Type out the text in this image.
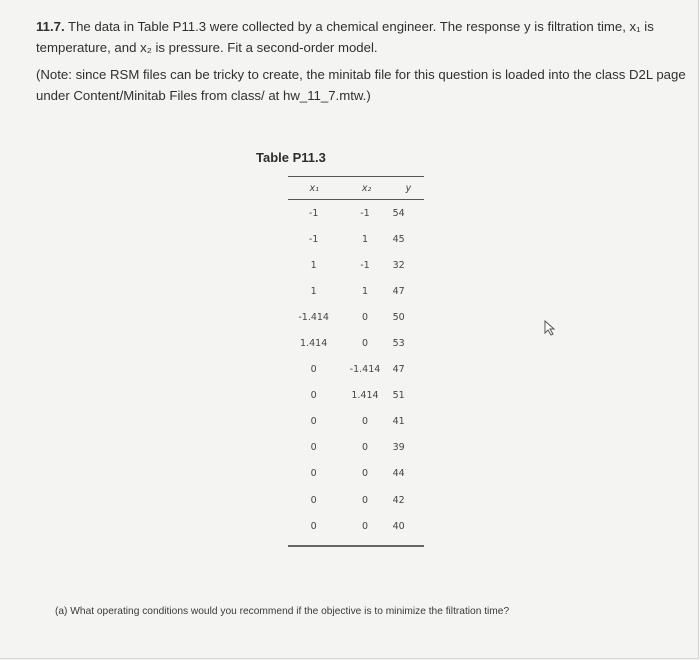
11.7. The data in Table P11.3 were collected by a chemical engineer. The response y is filtration time, x₁ is temperature, and x₂ is pressure. Fit a second-order model.
(Note: since RSM files can be tricky to create, the minitab file for this question is loaded into the class D2L page under Content/Minitab Files from class/ at hw_11_7.mtw.)
Table P11.3
x₁	x₂	y
-1	-1	54
-1	1	45
1	-1	32
1	1	47
-1.414	0	50
1.414	0	53
0	-1.414	47
0	1.414	51
0	0	41
0	0	39
0	0	44
0	0	42
0	0	40
(a) What operating conditions would you recommend if the objective is to minimize the filtration time?
